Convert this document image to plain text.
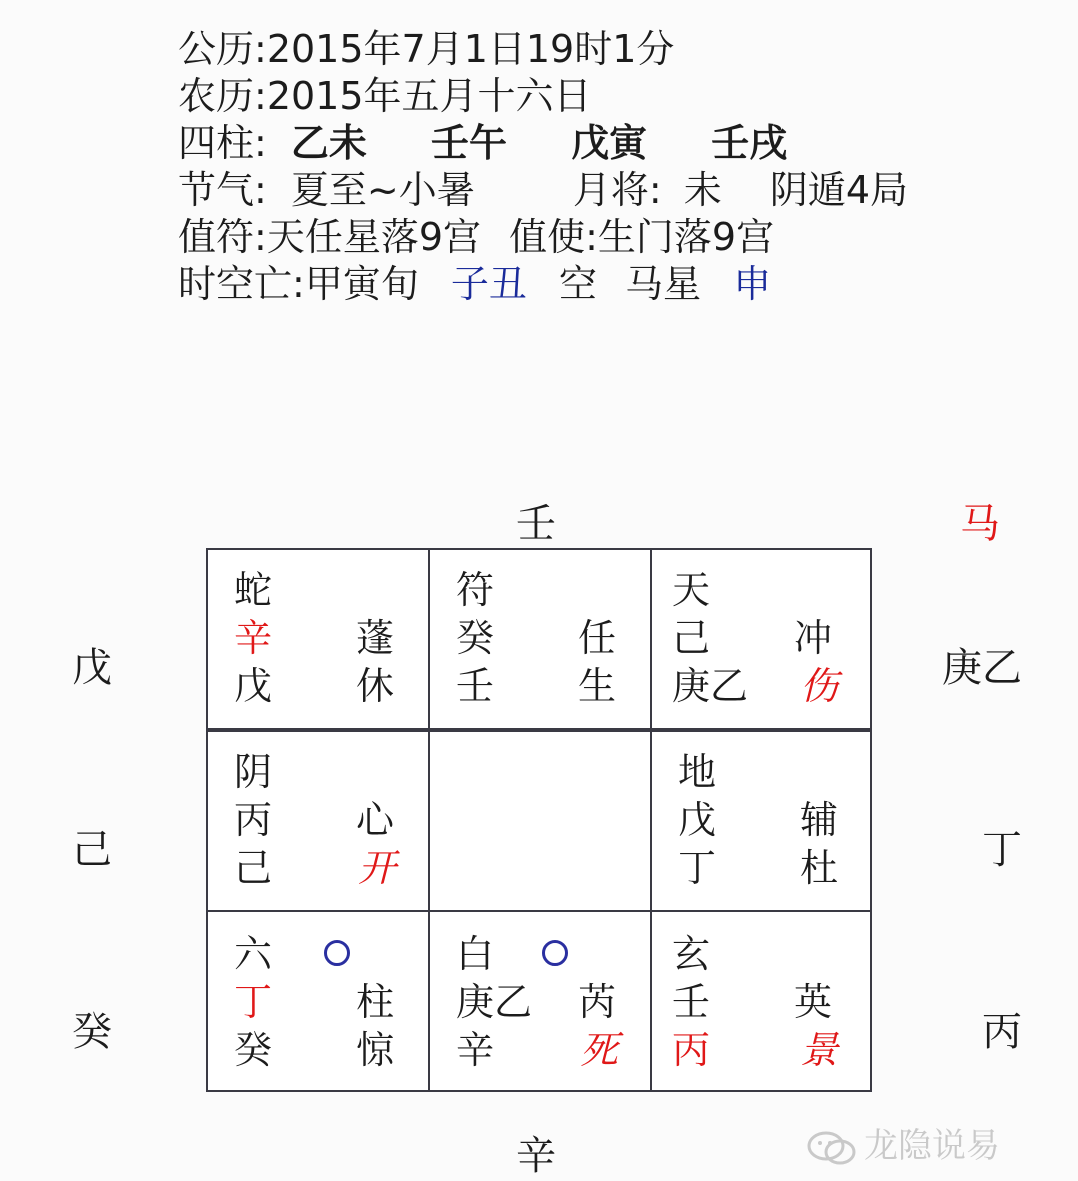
公历:2015年7月1日19时1分
农历:2015年五月十六日
四柱: 乙未 壬午 戊寅 壬戌
节气: 夏至~小暑	月将: 未 阴遁4局
值符:天任星落9宫 值使:生门落9宫
时空亡:甲寅旬 子丑 空 马星 申
壬	马
辛
戊
己
癸
庚乙
丁
丙
蛇
辛 蓬
戊 休
符
癸 任
壬 生
天
己 冲
庚乙 伤
阴
丙 心
己 开
地
戊 辅
丁 杜
六
丁 柱
癸 惊
白
庚乙 芮
辛 死
玄
壬 英
丙 景
龙隐说易
